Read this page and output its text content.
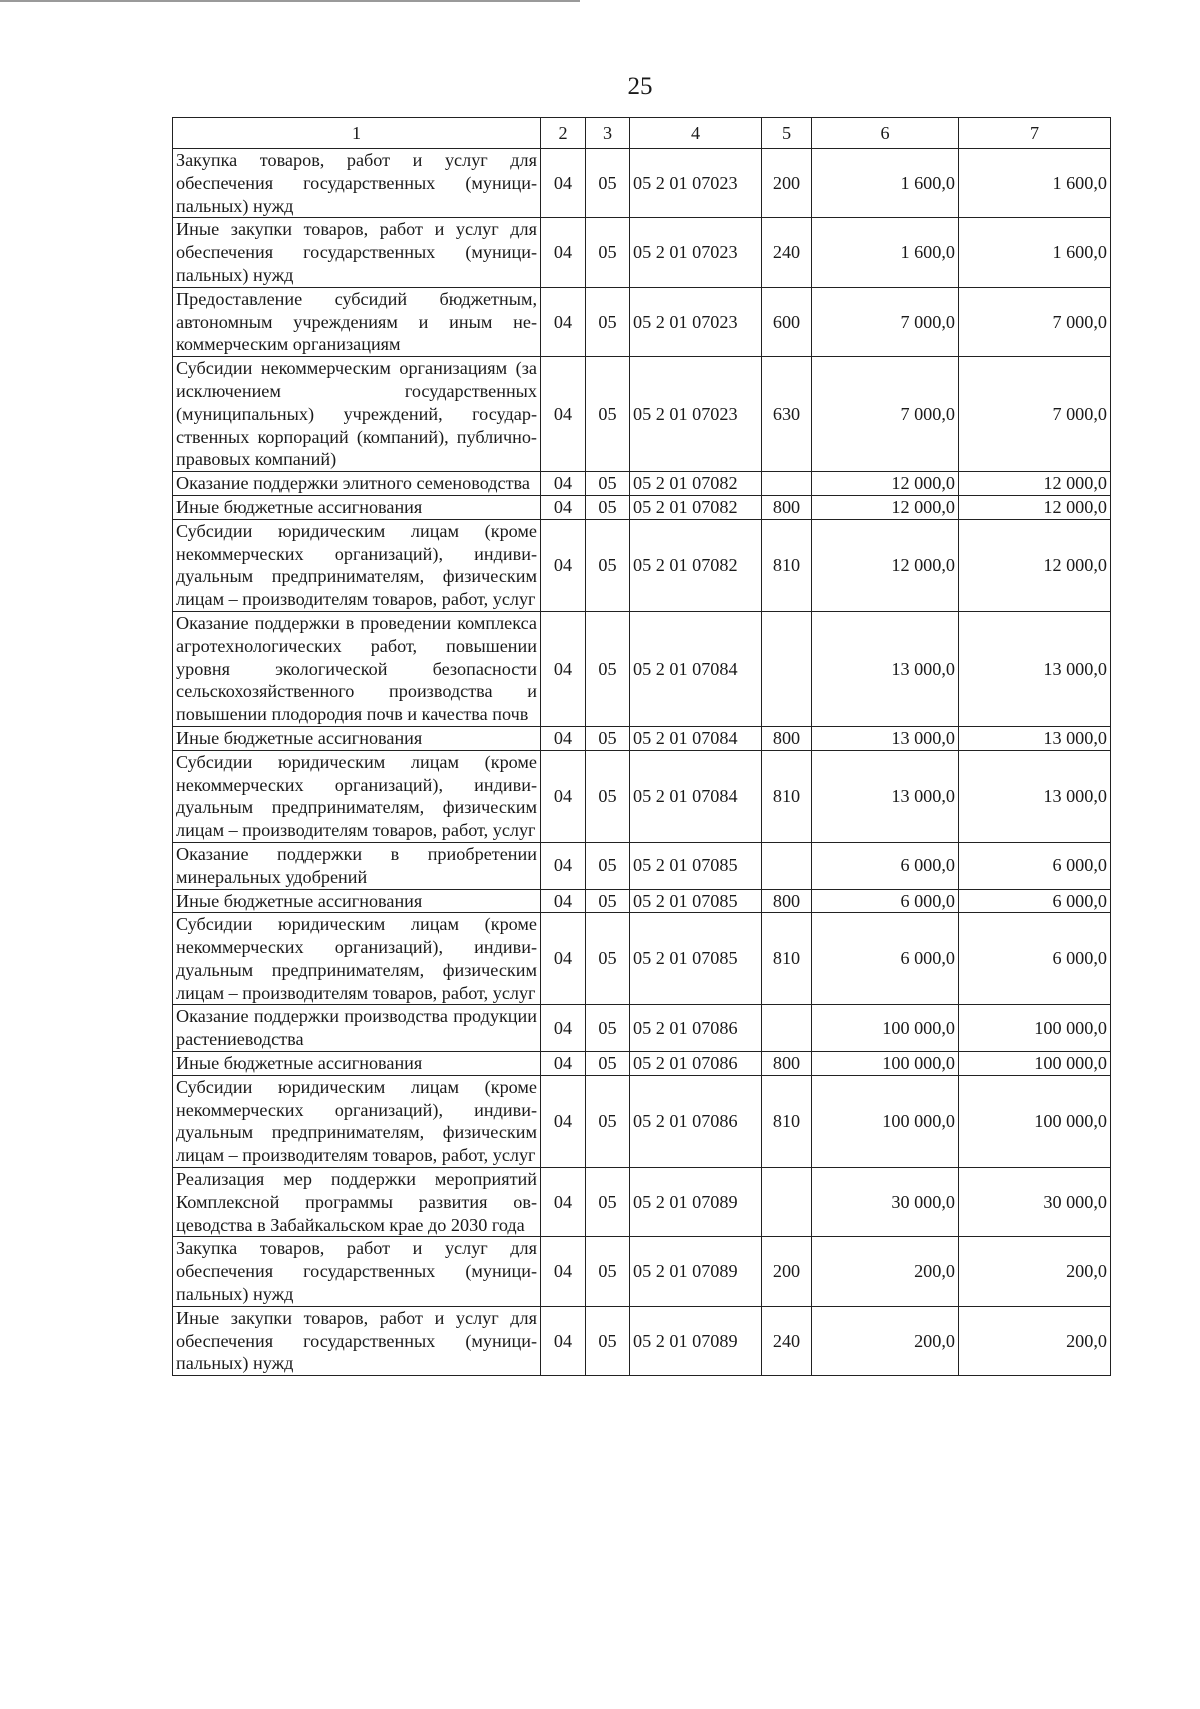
25
1	2	3	4	5	6	7
Закупка товаров, работ и услуг для обеспечения государственных (муниципальных) нужд	04	05	05 2 01 07023	200	1 600,0	1 600,0
Иные закупки товаров, работ и услуг для обеспечения государственных (муниципальных) нужд	04	05	05 2 01 07023	240	1 600,0	1 600,0
Предоставление субсидий бюджетным, автономным учреждениям и иным некоммерческим организациям	04	05	05 2 01 07023	600	7 000,0	7 000,0
Субсидии некоммерческим организациям (за исключением государственных (муниципальных) учреждений, государственных корпораций (компаний), публично-правовых компаний)	04	05	05 2 01 07023	630	7 000,0	7 000,0
Оказание поддержки элитного семеноводства	04	05	05 2 01 07082		12 000,0	12 000,0
Иные бюджетные ассигнования	04	05	05 2 01 07082	800	12 000,0	12 000,0
Субсидии юридическим лицам (кроме некоммерческих организаций), индивидуальным предпринимателям, физическим лицам – производителям товаров, работ, услуг	04	05	05 2 01 07082	810	12 000,0	12 000,0
Оказание поддержки в проведении комплекса агротехнологических работ, повышении уровня экологической безопасности сельскохозяйственного производства и повышении плодородия почв и качества почв	04	05	05 2 01 07084		13 000,0	13 000,0
Иные бюджетные ассигнования	04	05	05 2 01 07084	800	13 000,0	13 000,0
Субсидии юридическим лицам (кроме некоммерческих организаций), индивидуальным предпринимателям, физическим лицам – производителям товаров, работ, услуг	04	05	05 2 01 07084	810	13 000,0	13 000,0
Оказание поддержки в приобретении минеральных удобрений	04	05	05 2 01 07085		6 000,0	6 000,0
Иные бюджетные ассигнования	04	05	05 2 01 07085	800	6 000,0	6 000,0
Субсидии юридическим лицам (кроме некоммерческих организаций), индивидуальным предпринимателям, физическим лицам – производителям товаров, работ, услуг	04	05	05 2 01 07085	810	6 000,0	6 000,0
Оказание поддержки производства продукции растениеводства	04	05	05 2 01 07086		100 000,0	100 000,0
Иные бюджетные ассигнования	04	05	05 2 01 07086	800	100 000,0	100 000,0
Субсидии юридическим лицам (кроме некоммерческих организаций), индивидуальным предпринимателям, физическим лицам – производителям товаров, работ, услуг	04	05	05 2 01 07086	810	100 000,0	100 000,0
Реализация мер поддержки мероприятий Комплексной программы развития овцеводства в Забайкальском крае до 2030 года	04	05	05 2 01 07089		30 000,0	30 000,0
Закупка товаров, работ и услуг для обеспечения государственных (муниципальных) нужд	04	05	05 2 01 07089	200	200,0	200,0
Иные закупки товаров, работ и услуг для обеспечения государственных (муниципальных) нужд	04	05	05 2 01 07089	240	200,0	200,0
